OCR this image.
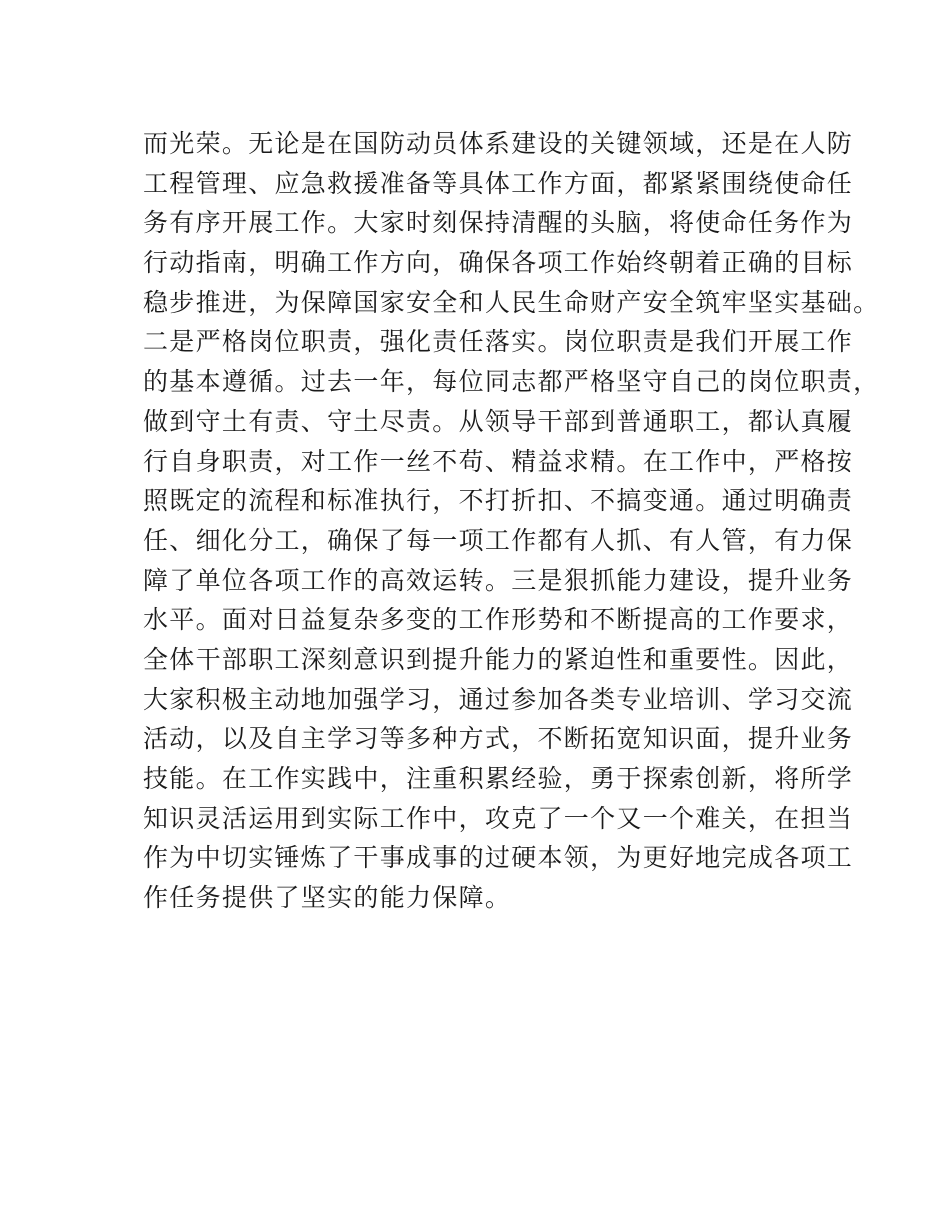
而光荣。无论是在国防动员体系建设的关键领域，还是在人防
工程管理、应急救援准备等具体工作方面，都紧紧围绕使命任
务有序开展工作。大家时刻保持清醒的头脑，将使命任务作为
行动指南，明确工作方向，确保各项工作始终朝着正确的目标
稳步推进，为保障国家安全和人民生命财产安全筑牢坚实基础。
二是严格岗位职责，强化责任落实。岗位职责是我们开展工作
的基本遵循。过去一年，每位同志都严格坚守自己的岗位职责，
做到守土有责、守土尽责。从领导干部到普通职工，都认真履
行自身职责，对工作一丝不苟、精益求精。在工作中，严格按
照既定的流程和标准执行，不打折扣、不搞变通。通过明确责
任、细化分工，确保了每一项工作都有人抓、有人管，有力保
障了单位各项工作的高效运转。三是狠抓能力建设，提升业务
水平。面对日益复杂多变的工作形势和不断提高的工作要求，
全体干部职工深刻意识到提升能力的紧迫性和重要性。因此，
大家积极主动地加强学习，通过参加各类专业培训、学习交流
活动，以及自主学习等多种方式，不断拓宽知识面，提升业务
技能。在工作实践中，注重积累经验，勇于探索创新，将所学
知识灵活运用到实际工作中，攻克了一个又一个难关，在担当
作为中切实锤炼了干事成事的过硬本领，为更好地完成各项工
作任务提供了坚实的能力保障。
